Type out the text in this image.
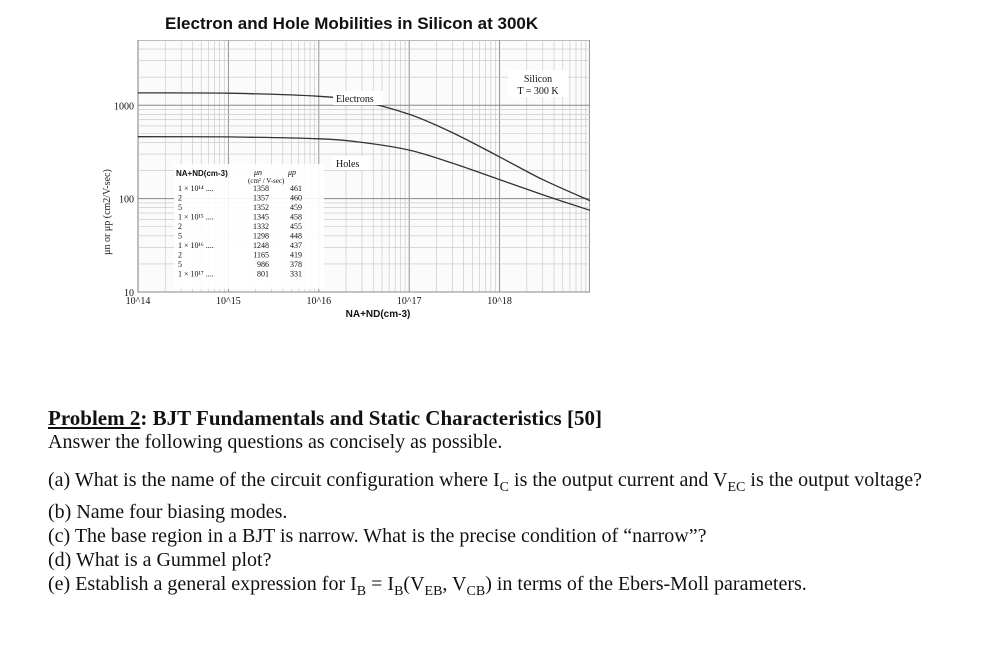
Electron and Hole Mobilities in Silicon at 300K
1000
100
10
10^14	10^15	10^16	10^17	10^18
μn or μp (cm2/V-sec)
NA+ND(cm-3)
Electrons
Holes
Silicon
T = 300 K
NA+ND(cm-3)	μn	μp
(cm² / V-sec)
1 × 10¹⁴ ....	1358	461
2	1357	460
5	1352	459
1 × 10¹⁵ ....	1345	458
2	1332	455
5	1298	448
1 × 10¹⁶ ....	1248	437
2	1165	419
5	986	378
1 × 10¹⁷ ....	801	331
Problem 2: BJT Fundamentals and Static Characteristics [50]
Answer the following questions as concisely as possible.
(a) What is the name of the circuit configuration where $I_C$ is the output current and $V_{EC}$ is the output voltage?
(b) Name four biasing modes.
(c) The base region in a BJT is narrow. What is the precise condition of “narrow”?
(d) What is a Gummel plot?
(e) Establish a general expression for $I_B = I_B(V_{EB}$, $V_{CB}$) in terms of the Ebers-Moll parameters.
